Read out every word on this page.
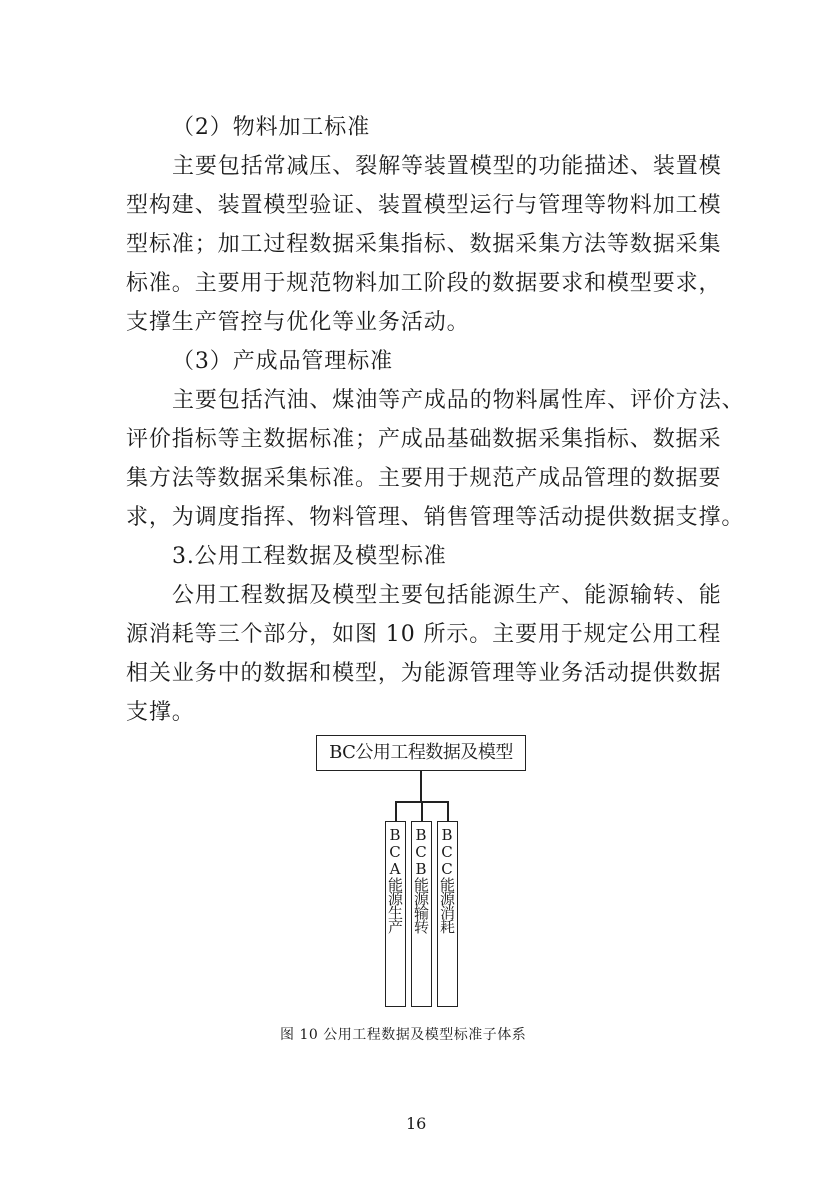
（2）物料加工标准
主要包括常减压、裂解等装置模型的功能描述、装置模
型构建、装置模型验证、装置模型运行与管理等物料加工模
型标准；加工过程数据采集指标、数据采集方法等数据采集
标准。主要用于规范物料加工阶段的数据要求和模型要求，
支撑生产管控与优化等业务活动。
（3）产成品管理标准
主要包括汽油、煤油等产成品的物料属性库、评价方法、
评价指标等主数据标准；产成品基础数据采集指标、数据采
集方法等数据采集标准。主要用于规范产成品管理的数据要
求，为调度指挥、物料管理、销售管理等活动提供数据支撑。
3.公用工程数据及模型标准
公用工程数据及模型主要包括能源生产、能源输转、能
源消耗等三个部分，如图 10 所示。主要用于规定公用工程
相关业务中的数据和模型，为能源管理等业务活动提供数据
支撑。
BC公用工程数据及模型
BCA能源生产 BCB能源输转 BCC能源消耗
图 10 公用工程数据及模型标准子体系
16
